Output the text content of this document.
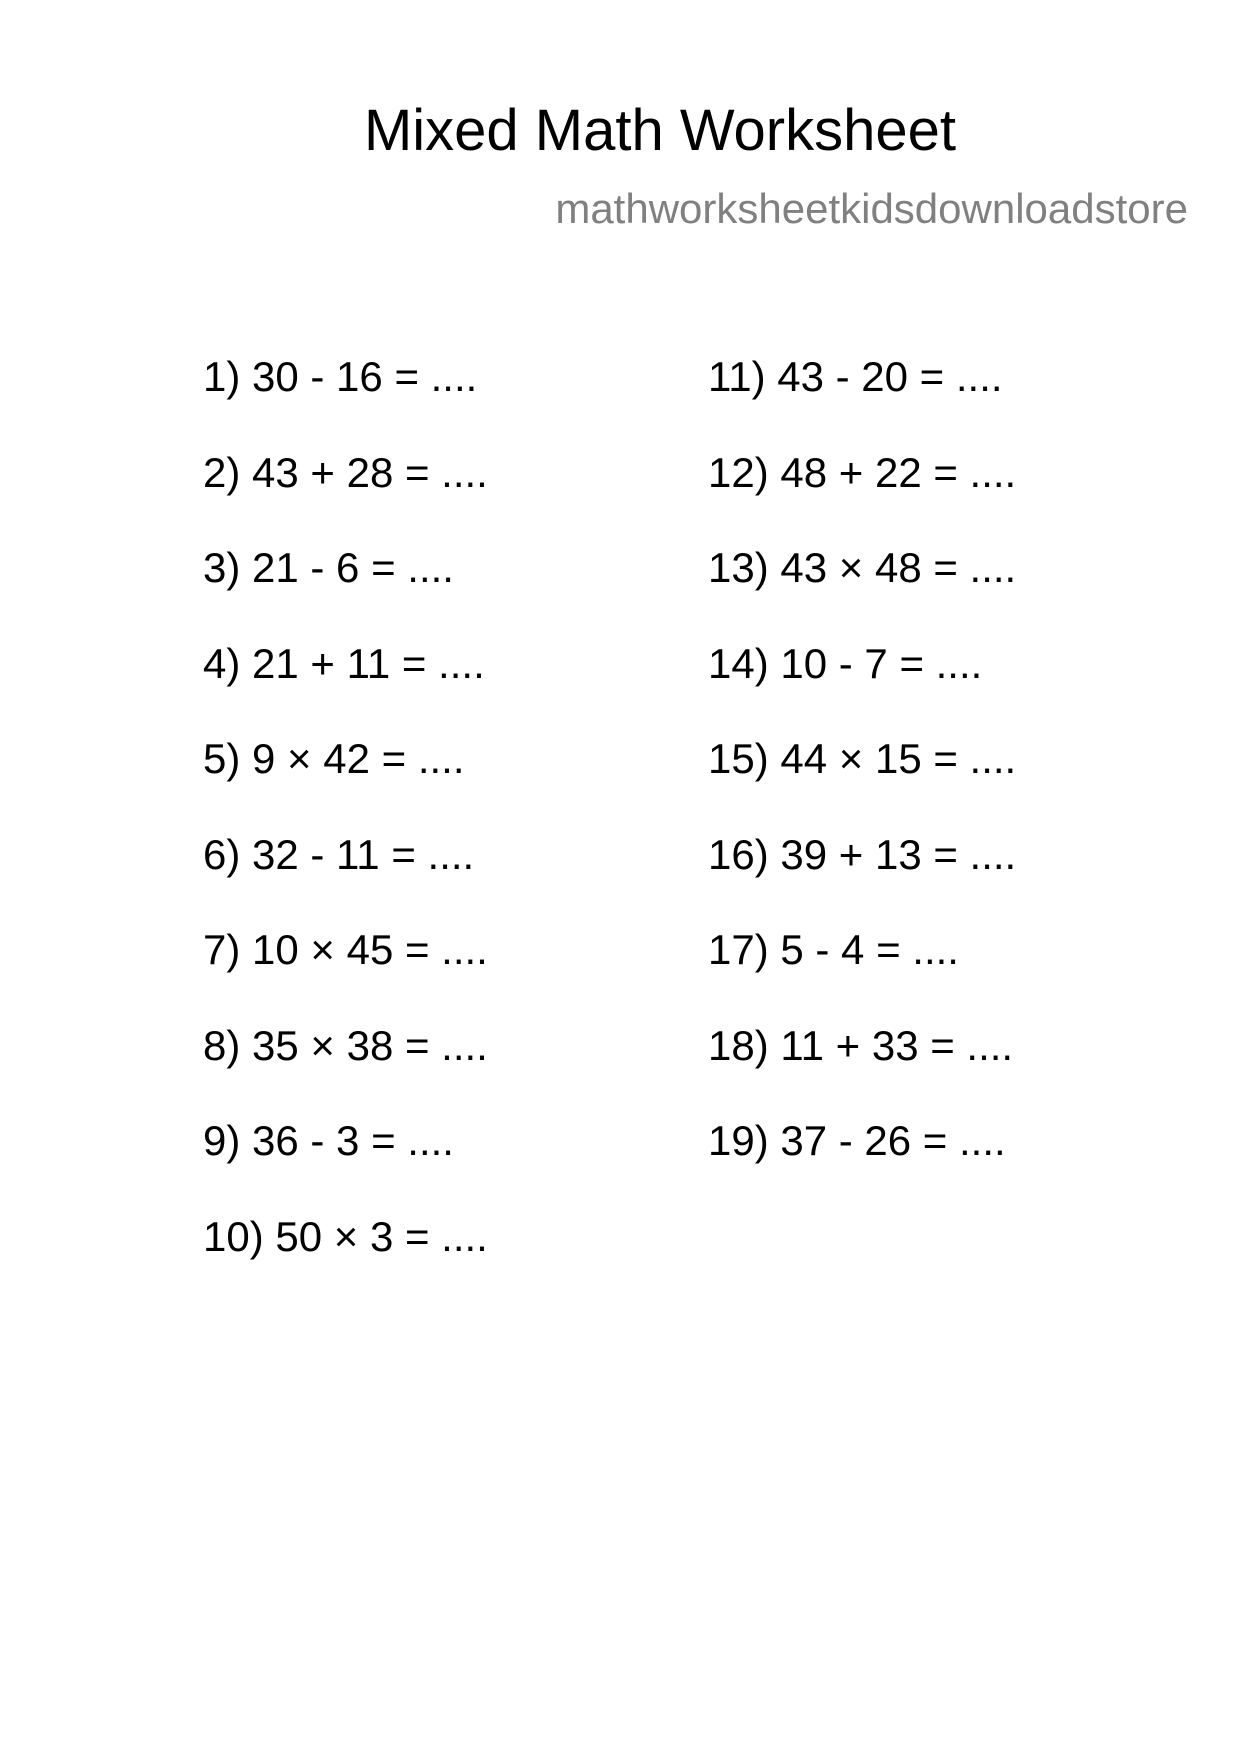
Mixed Math Worksheet
mathworksheetkidsdownloadstore
1) 30 - 16 = ....
2) 43 + 28 = ....
3) 21 - 6 = ....
4) 21 + 11 = ....
5) 9 × 42 = ....
6) 32 - 11 = ....
7) 10 × 45 = ....
8) 35 × 38 = ....
9) 36 - 3 = ....
10) 50 × 3 = ....
11) 43 - 20 = ....
12) 48 + 22 = ....
13) 43 × 48 = ....
14) 10 - 7 = ....
15) 44 × 15 = ....
16) 39 + 13 = ....
17) 5 - 4 = ....
18) 11 + 33 = ....
19) 37 - 26 = ....
